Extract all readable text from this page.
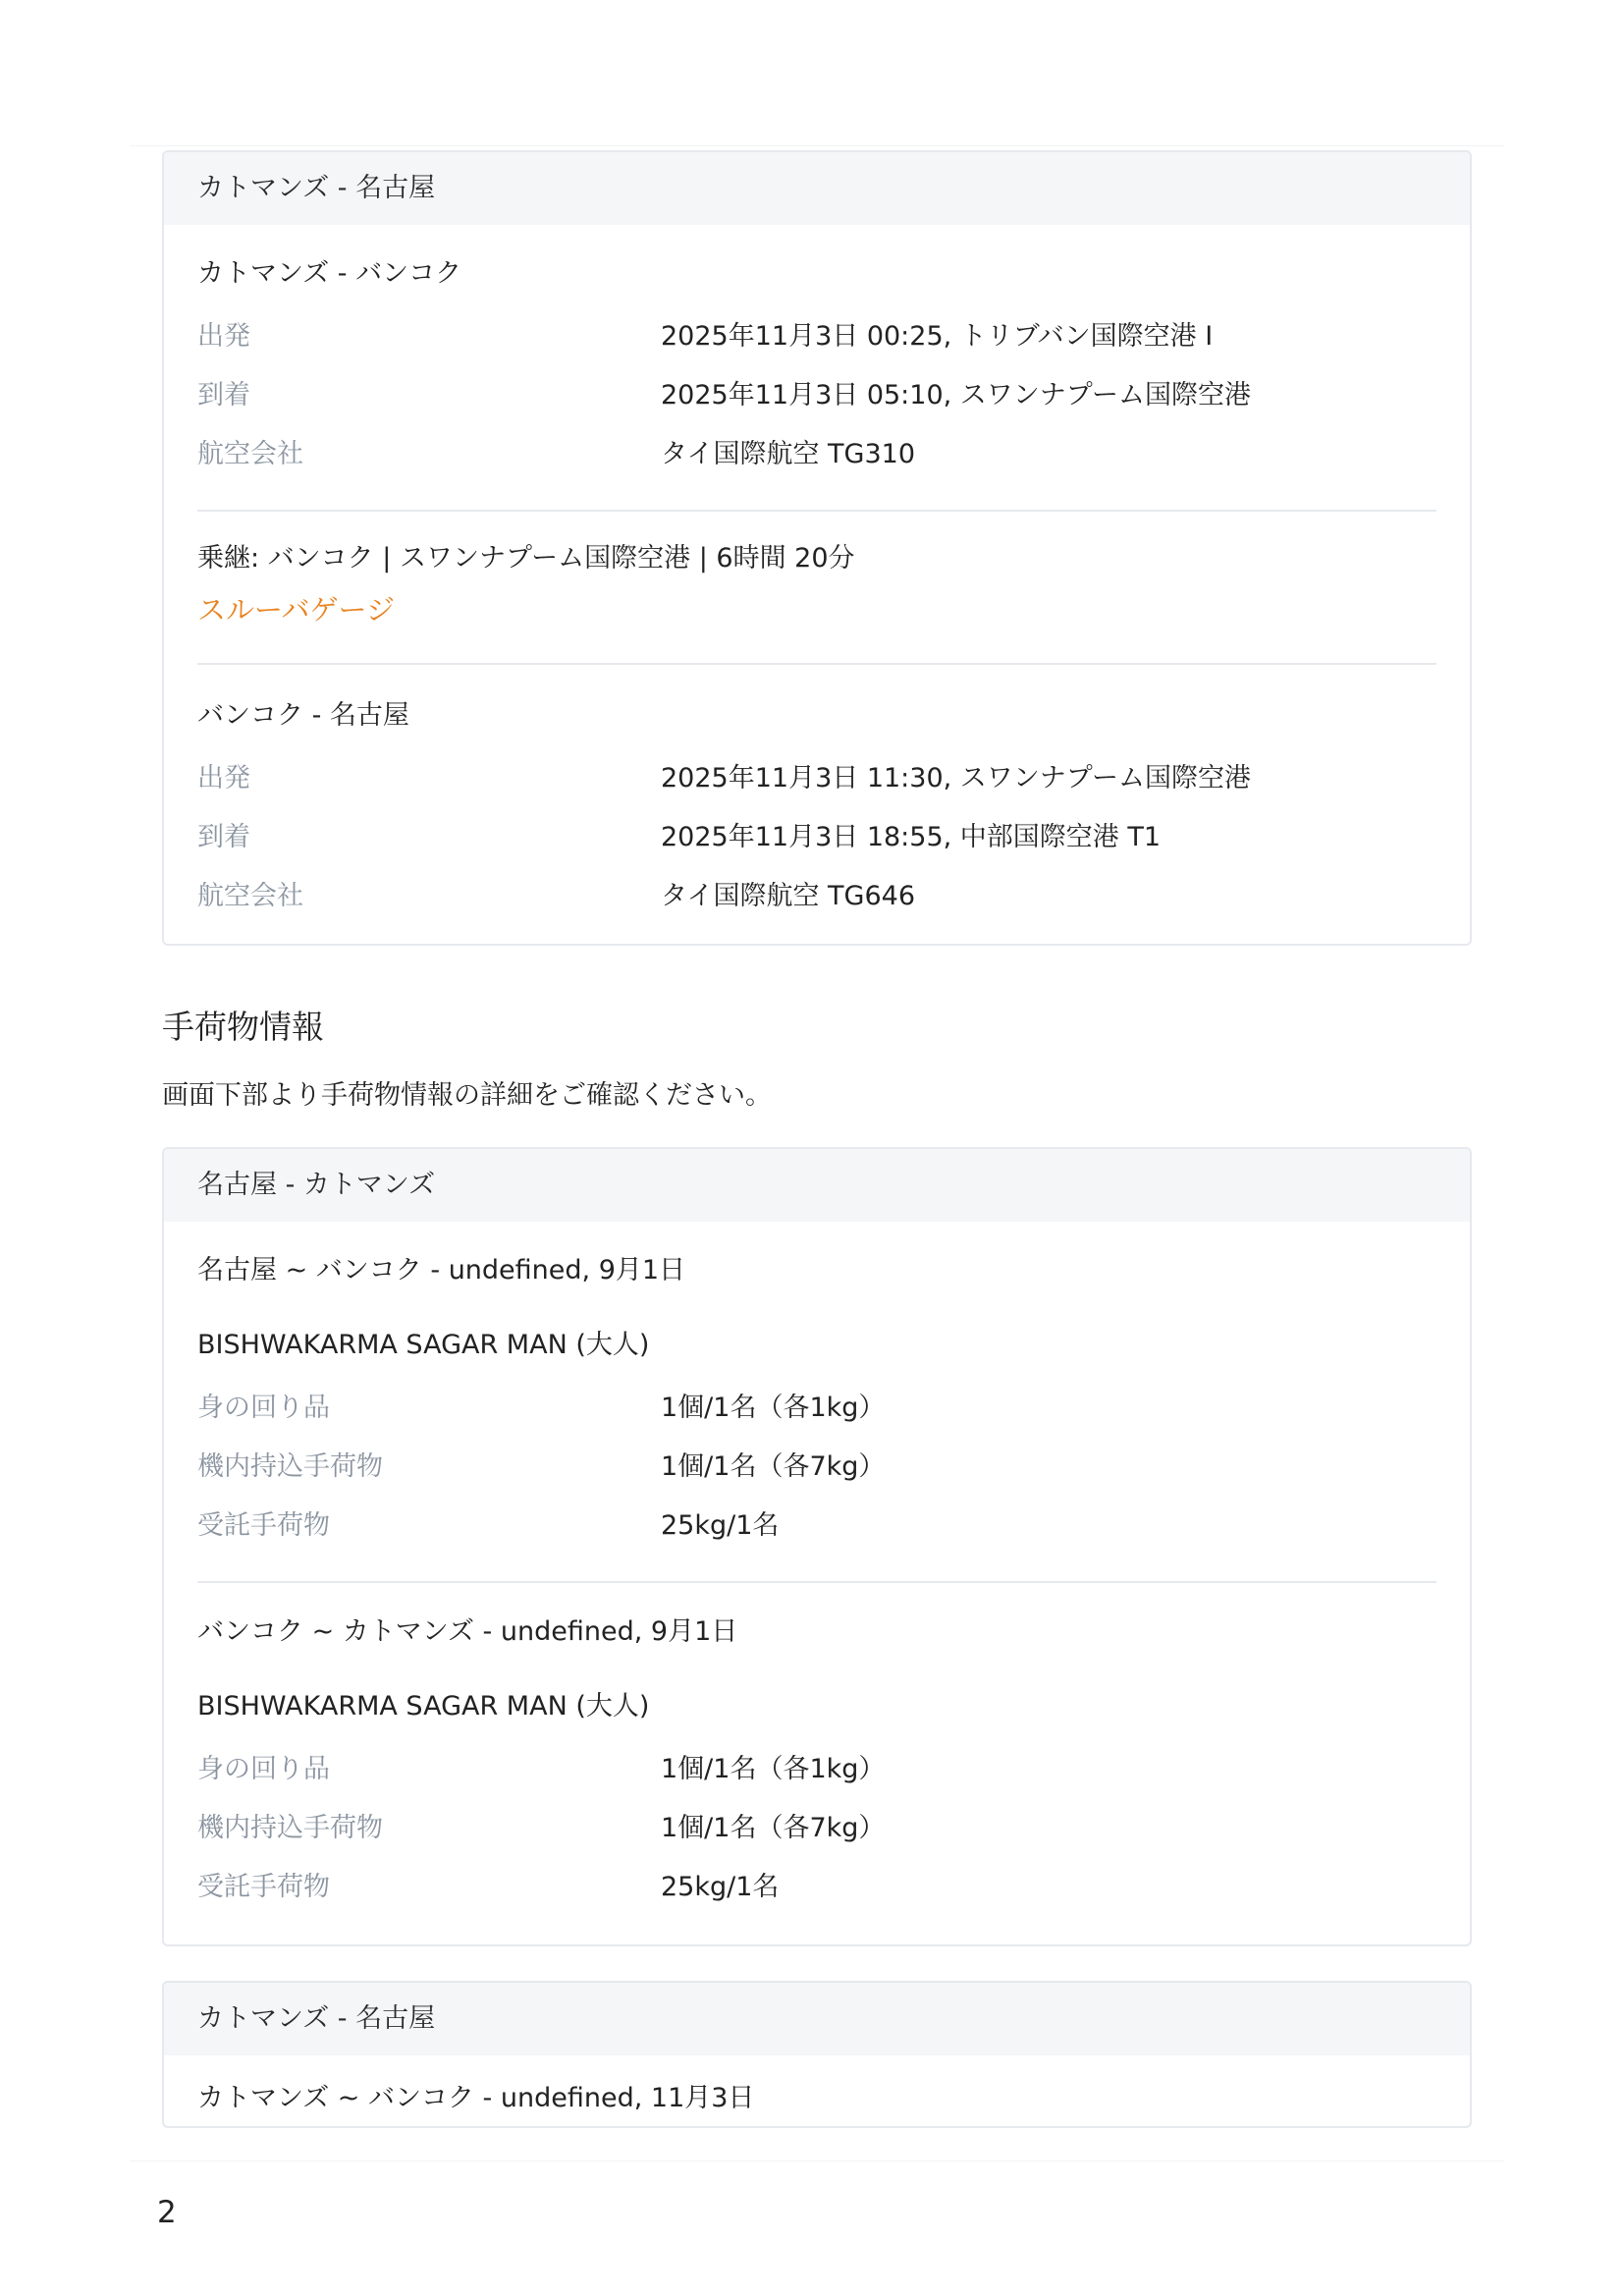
カトマンズ - 名古屋
カトマンズ - バンコク
出発	2025年11月3日 00:25, トリブバン国際空港 I
到着	2025年11月3日 05:10, スワンナプーム国際空港
航空会社	タイ国際航空 TG310
乗継: バンコク | スワンナプーム国際空港 | 6時間 20分
スルーバゲージ
バンコク - 名古屋
出発	2025年11月3日 11:30, スワンナプーム国際空港
到着	2025年11月3日 18:55, 中部国際空港 T1
航空会社	タイ国際航空 TG646
手荷物情報
画面下部より手荷物情報の詳細をご確認ください。
名古屋 - カトマンズ
名古屋 ~ バンコク - undefined, 9月1日
BISHWAKARMA SAGAR MAN (大人)
身の回り品	1個/1名（各1kg）
機内持込手荷物	1個/1名（各7kg）
受託手荷物	25kg/1名
バンコク ~ カトマンズ - undefined, 9月1日
BISHWAKARMA SAGAR MAN (大人)
身の回り品	1個/1名（各1kg）
機内持込手荷物	1個/1名（各7kg）
受託手荷物	25kg/1名
カトマンズ - 名古屋
カトマンズ ~ バンコク - undefined, 11月3日
2
